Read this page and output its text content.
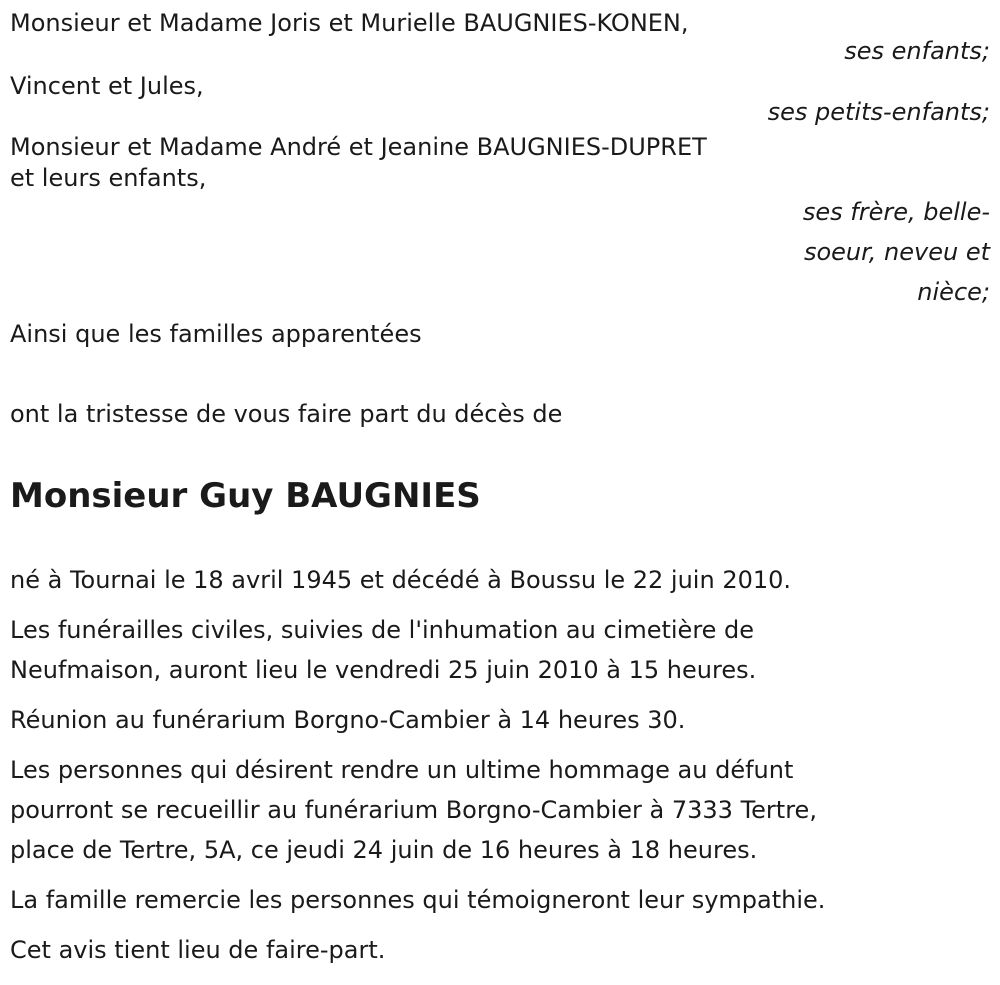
Monsieur et Madame Joris et Murielle BAUGNIES-KONEN,

ses enfants;

Vincent et Jules,

ses petits-enfants;

Monsieur et Madame André et Jeanine BAUGNIES-DUPRET

et leurs enfants,

ses frère, belle-
soeur, neveu et
nièce;

Ainsi que les familles apparentées

ont la tristesse de vous faire part du décès de

Monsieur Guy BAUGNIES

né à Tournai le 18 avril 1945 et décédé à Boussu le 22 juin 2010.
Les funérailles civiles, suivies de l'inhumation au cimetière de
Neufmaison, auront lieu le vendredi 25 juin 2010 à 15 heures.
Réunion au funérarium Borgno-Cambier à 14 heures 30.
Les personnes qui désirent rendre un ultime hommage au défunt
pourront se recueillir au funérarium Borgno-Cambier à 7333 Tertre,
place de Tertre, 5A, ce jeudi 24 juin de 16 heures à 18 heures.
La famille remercie les personnes qui témoigneront leur sympathie.
Cet avis tient lieu de faire-part.
